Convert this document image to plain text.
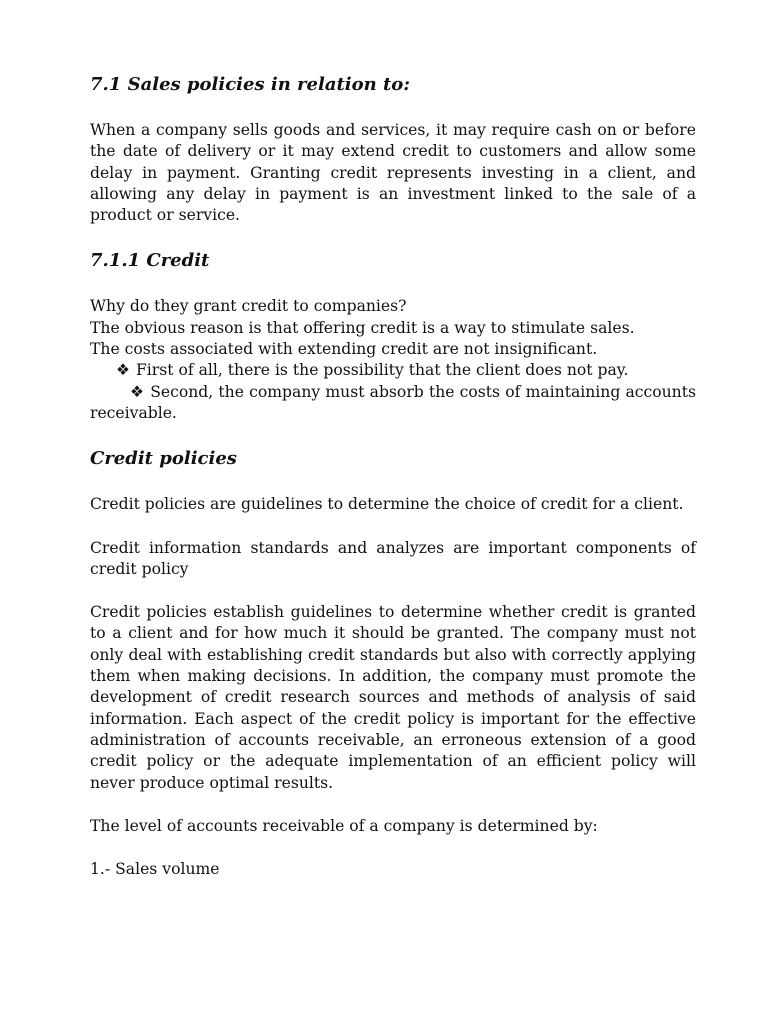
7.1 Sales policies in relation to:

When a company sells goods and services, it may require cash on or before the date of delivery or it may extend credit to customers and allow some delay in payment. Granting credit represents investing in a client, and allowing any delay in payment is an investment linked to the sale of a product or service.

7.1.1 Credit

Why do they grant credit to companies?

The obvious reason is that offering credit is a way to stimulate sales.

The costs associated with extending credit are not insignificant.

❖ First of all, there is the possibility that the client does not pay.

❖ Second, the company must absorb the costs of maintaining accounts receivable.

Credit policies

Credit policies are guidelines to determine the choice of credit for a client.

Credit information standards and analyzes are important components of credit policy

Credit policies establish guidelines to determine whether credit is granted to a client and for how much it should be granted. The company must not only deal with establishing credit standards but also with correctly applying them when making decisions. In addition, the company must promote the development of credit research sources and methods of analysis of said information. Each aspect of the credit policy is important for the effective administration of accounts receivable, an erroneous extension of a good credit policy or the adequate implementation of an efficient policy will never produce optimal results.

The level of accounts receivable of a company is determined by:

1.- Sales volume
